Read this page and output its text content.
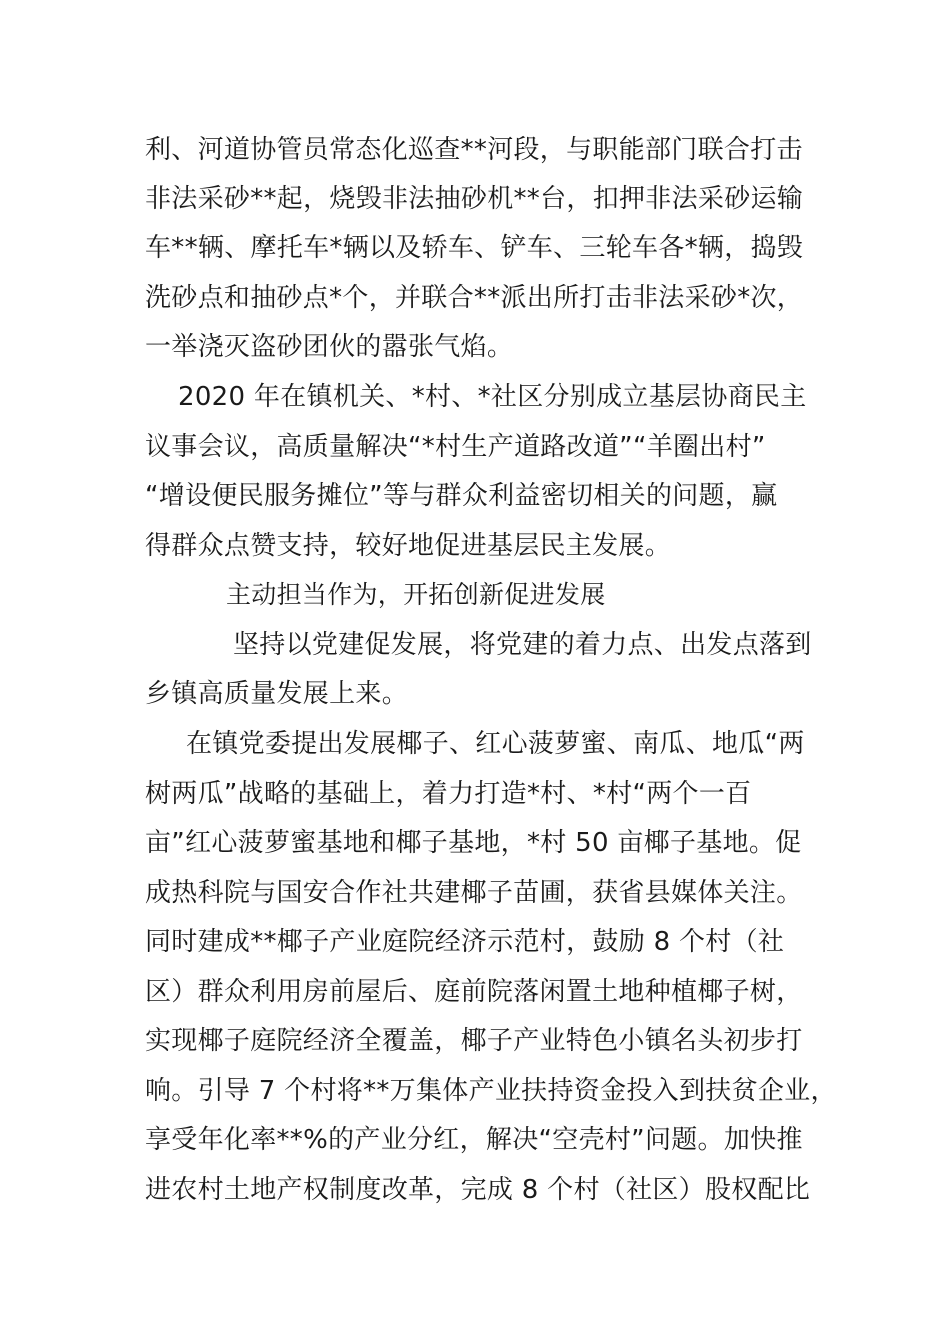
利、河道协管员常态化巡查**河段，与职能部门联合打击
非法采砂**起，烧毁非法抽砂机**台，扣押非法采砂运输
车**辆、摩托车*辆以及轿车、铲车、三轮车各*辆，捣毁
洗砂点和抽砂点*个，并联合**派出所打击非法采砂*次，
一举浇灭盗砂团伙的嚣张气焰。
2020 年在镇机关、*村、*社区分别成立基层协商民主
议事会议，高质量解决“*村生产道路改道”“羊圈出村”
“增设便民服务摊位”等与群众利益密切相关的问题，赢
得群众点赞支持，较好地促进基层民主发展。
主动担当作为，开拓创新促进发展
坚持以党建促发展，将党建的着力点、出发点落到
乡镇高质量发展上来。
在镇党委提出发展椰子、红心菠萝蜜、南瓜、地瓜“两
树两瓜”战略的基础上，着力打造*村、*村“两个一百
亩”红心菠萝蜜基地和椰子基地，*村 50 亩椰子基地。促
成热科院与国安合作社共建椰子苗圃，获省县媒体关注。
同时建成**椰子产业庭院经济示范村，鼓励 8 个村（社
区）群众利用房前屋后、庭前院落闲置土地种植椰子树，
实现椰子庭院经济全覆盖，椰子产业特色小镇名头初步打
响。引导 7 个村将**万集体产业扶持资金投入到扶贫企业，
享受年化率**%的产业分红，解决“空壳村”问题。加快推
进农村土地产权制度改革，完成 8 个村（社区）股权配比
